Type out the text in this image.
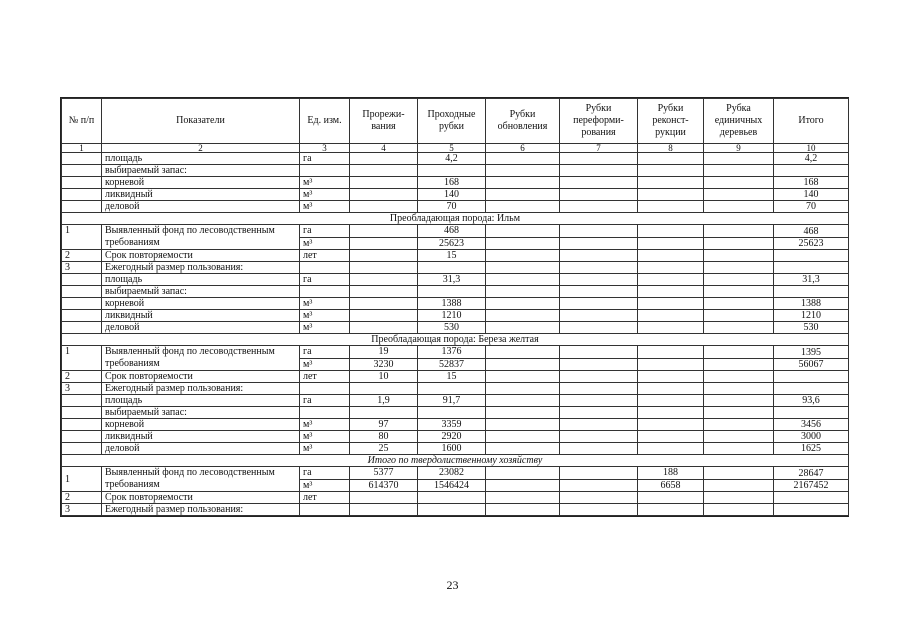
№ п/п	Показатели	Ед. изм.	Прорежи-вания	Проходные рубки	Рубки обновления	Рубки переформи-рования	Рубки реконст-рукции	Рубка единичных деревьев	Итого
1	2	3	4	5	6	7	8	9	10
	площадь	га		4,2					4,2
	выбираемый запас:								
	корневой	м³		168					168
	ликвидный	м³		140					140
	деловой	м³		70					70
Преобладающая порода: Ильм									
1	Выявленный фонд по лесоводственным требованиям	га		468					468
		м³		25623					25623
2	Срок повторяемости	лет		15					
3	Ежегодный размер пользования:								
	площадь	га		31,3					31,3
	выбираемый запас:								
	корневой	м³		1388					1388
	ликвидный	м³		1210					1210
	деловой	м³		530					530
Преобладающая порода: Береза желтая									
1	Выявленный фонд по лесоводственным требованиям	га	19	1376					1395
		м³	3230	52837					56067
2	Срок повторяемости	лет	10	15					
3	Ежегодный размер пользования:								
	площадь	га	1,9	91,7					93,6
	выбираемый запас:								
	корневой	м³	97	3359					3456
	ликвидный	м³	80	2920					3000
	деловой	м³	25	1600					1625
Итого по твердолиственному хозяйству									
1	Выявленный фонд по лесоводственным требованиям	га	5377	23082			188		28647
		м³	614370	1546424			6658		2167452
2	Срок повторяемости	лет							
3	Ежегодный размер пользования:								
23
